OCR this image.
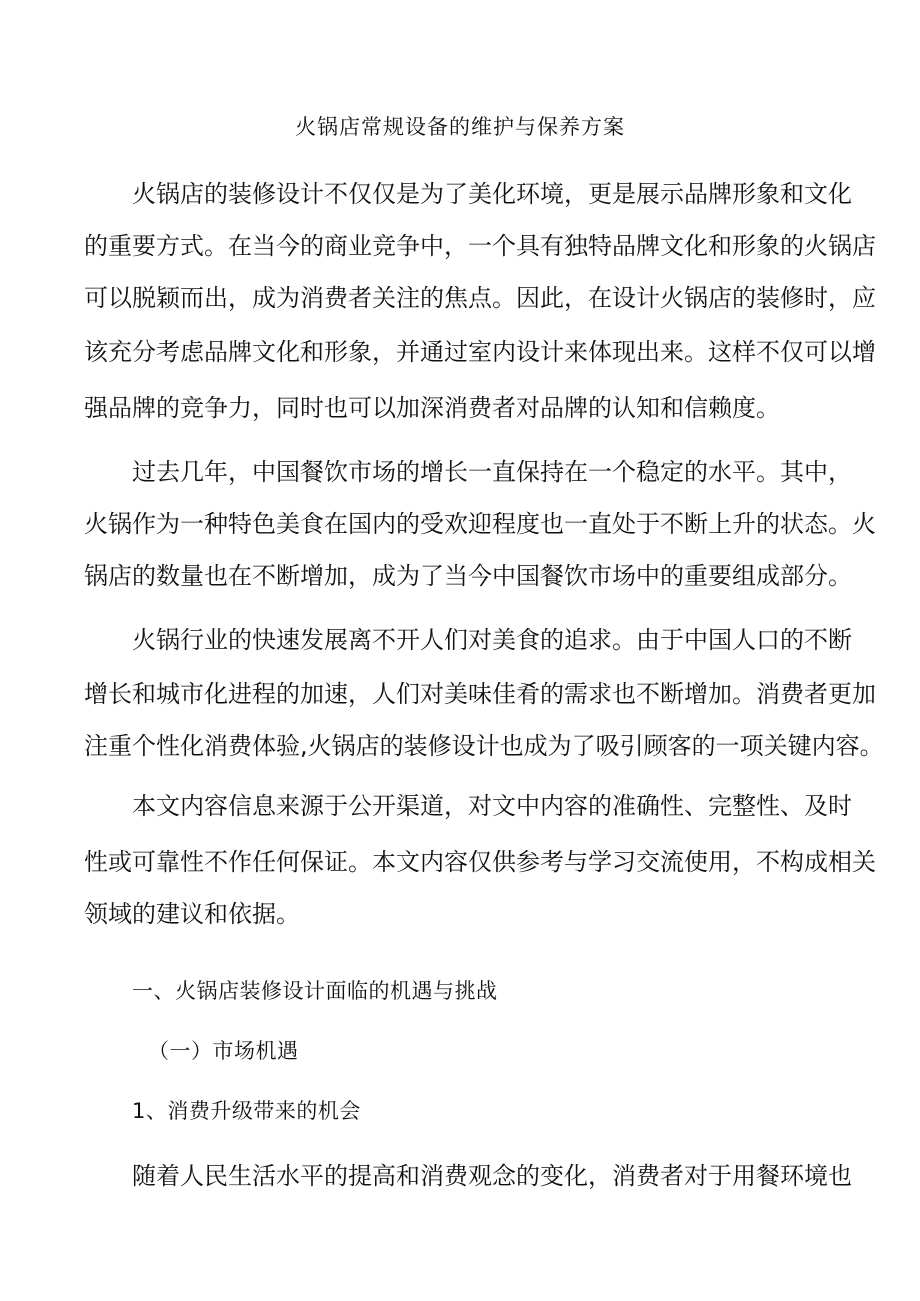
火锅店常规设备的维护与保养方案
火锅店的装修设计不仅仅是为了美化环境，更是展示品牌形象和文化
的重要方式。在当今的商业竞争中，一个具有独特品牌文化和形象的火锅店
可以脱颖而出，成为消费者关注的焦点。因此，在设计火锅店的装修时，应
该充分考虑品牌文化和形象，并通过室内设计来体现出来。这样不仅可以增
强品牌的竞争力，同时也可以加深消费者对品牌的认知和信赖度。
过去几年，中国餐饮市场的增长一直保持在一个稳定的水平。其中，
火锅作为一种特色美食在国内的受欢迎程度也一直处于不断上升的状态。火
锅店的数量也在不断增加，成为了当今中国餐饮市场中的重要组成部分。
火锅行业的快速发展离不开人们对美食的追求。由于中国人口的不断
增长和城市化进程的加速，人们对美味佳肴的需求也不断增加。消费者更加
注重个性化消费体验,火锅店的装修设计也成为了吸引顾客的一项关键内容。
本文内容信息来源于公开渠道，对文中内容的准确性、完整性、及时
性或可靠性不作任何保证。本文内容仅供参考与学习交流使用，不构成相关
领域的建议和依据。
一、火锅店装修设计面临的机遇与挑战
（一）市场机遇
1、消费升级带来的机会
随着人民生活水平的提高和消费观念的变化，消费者对于用餐环境也
